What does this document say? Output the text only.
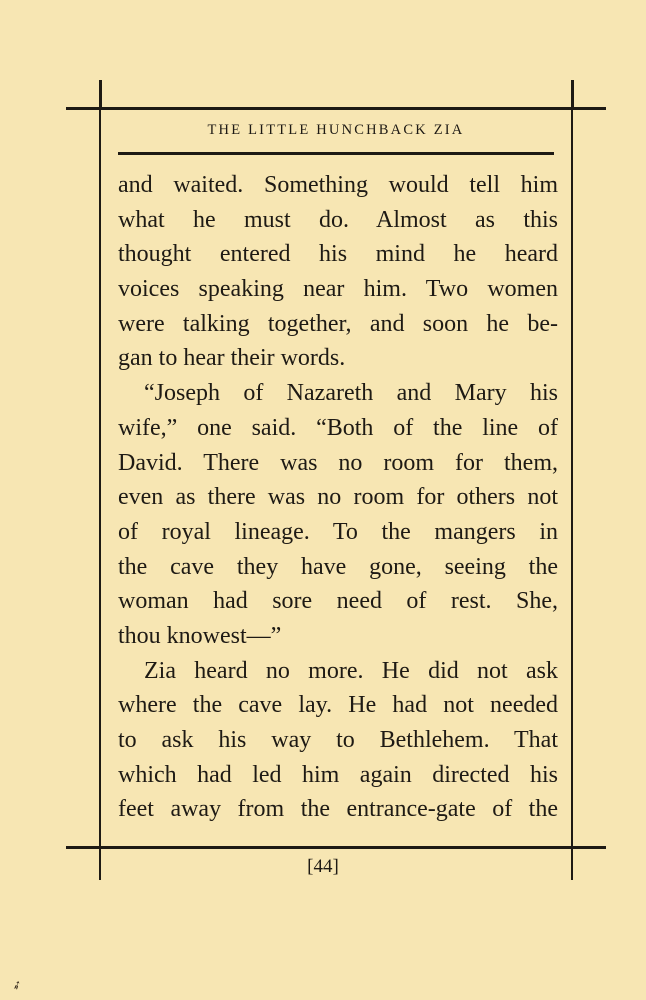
THE LITTLE HUNCHBACK ZIA
and waited. Something would tell him
what he must do. Almost as this
thought entered his mind he heard
voices speaking near him. Two women
were talking together, and soon he be-
gan to hear their words.
“Joseph of Nazareth and Mary his
wife,” one said. “Both of the line of
David. There was no room for them,
even as there was no room for others not
of royal lineage. To the mangers in
the cave they have gone, seeing the
woman had sore need of rest. She,
thou knowest—”
Zia heard no more. He did not ask
where the cave lay. He had not needed
to ask his way to Bethlehem. That
which had led him again directed his
feet away from the entrance-gate of the
[44]
➶
